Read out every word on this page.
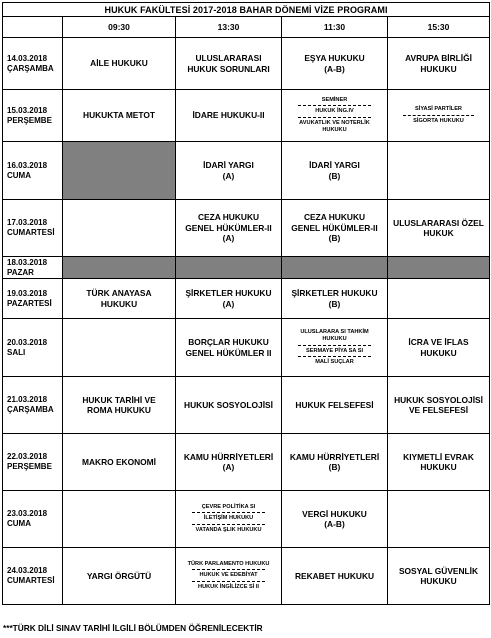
HUKUK FAKÜLTESİ 2017-2018 BAHAR DÖNEMİ VİZE PROGRAMI				
	09:30	13:30	11:30	15:30

14.03.2018
ÇARŞAMBA	AİLE HUKUKU	ULUSLARARASI
HUKUK SORUNLARI	EŞYA HUKUKU
(A-B)	AVRUPA BİRLİĞİ
HUKUKU

15.03.2018
PERŞEMBE	HUKUKTA METOT	İDARE HUKUKU-II	SEMİNER
HUKUK İNG.IV
AVUKATLIK VE NOTERLİK
HUKUKU	SİYASİ PARTİLER
SİGORTA HUKUKU

16.03.2018
CUMA		İDARİ YARGI
(A)	İDARİ YARGI
(B)	

17.03.2018
CUMARTESİ		CEZA HUKUKU
GENEL HÜKÜMLER-II
(A)	CEZA HUKUKU
GENEL HÜKÜMLER-II
(B)	ULUSLARARASI ÖZEL
HUKUK

18.03.2018
PAZAR				

19.03.2018
PAZARTESİ	TÜRK ANAYASA
HUKUKU	ŞİRKETLER HUKUKU
(A)	ŞİRKETLER HUKUKU
(B)	

20.03.2018
SALI		BORÇLAR HUKUKU
GENEL HÜKÜMLER II	ULUSLARARA SI TAHKİM
HUKUKU
SERMAYE PİYA SA SI
MALİ SUÇLAR	İCRA VE İFLAS
HUKUKU

21.03.2018
ÇARŞAMBA	HUKUK TARİHİ VE
ROMA HUKUKU	HUKUK SOSYOLOJİSİ	HUKUK FELSEFESİ	HUKUK SOSYOLOJİSİ
VE FELSEFESİ

22.03.2018
PERŞEMBE	MAKRO EKONOMİ	KAMU HÜRRİYETLERİ
(A)	KAMU HÜRRİYETLERİ
(B)	KIYMETLİ EVRAK
HUKUKU

23.03.2018
CUMA		ÇEVRE POLİTİKA SI
İLETİŞİM HUKUKU
VATANDA ŞLIK HUKUKU	VERGİ HUKUKU
(A-B)	

24.03.2018
CUMARTESİ	YARGI ÖRGÜTÜ	TÜRK PARLAMENTO HUKUKU
HUKUK VE EDEBİYAT
HUKUK İNGİLİZCE Sİ II	REKABET HUKUKU	SOSYAL GÜVENLİK
HUKUKU
***TÜRK DİLİ SINAV TARİHİ İLGİLİ BÖLÜMDEN ÖĞRENİLECEKTİR
